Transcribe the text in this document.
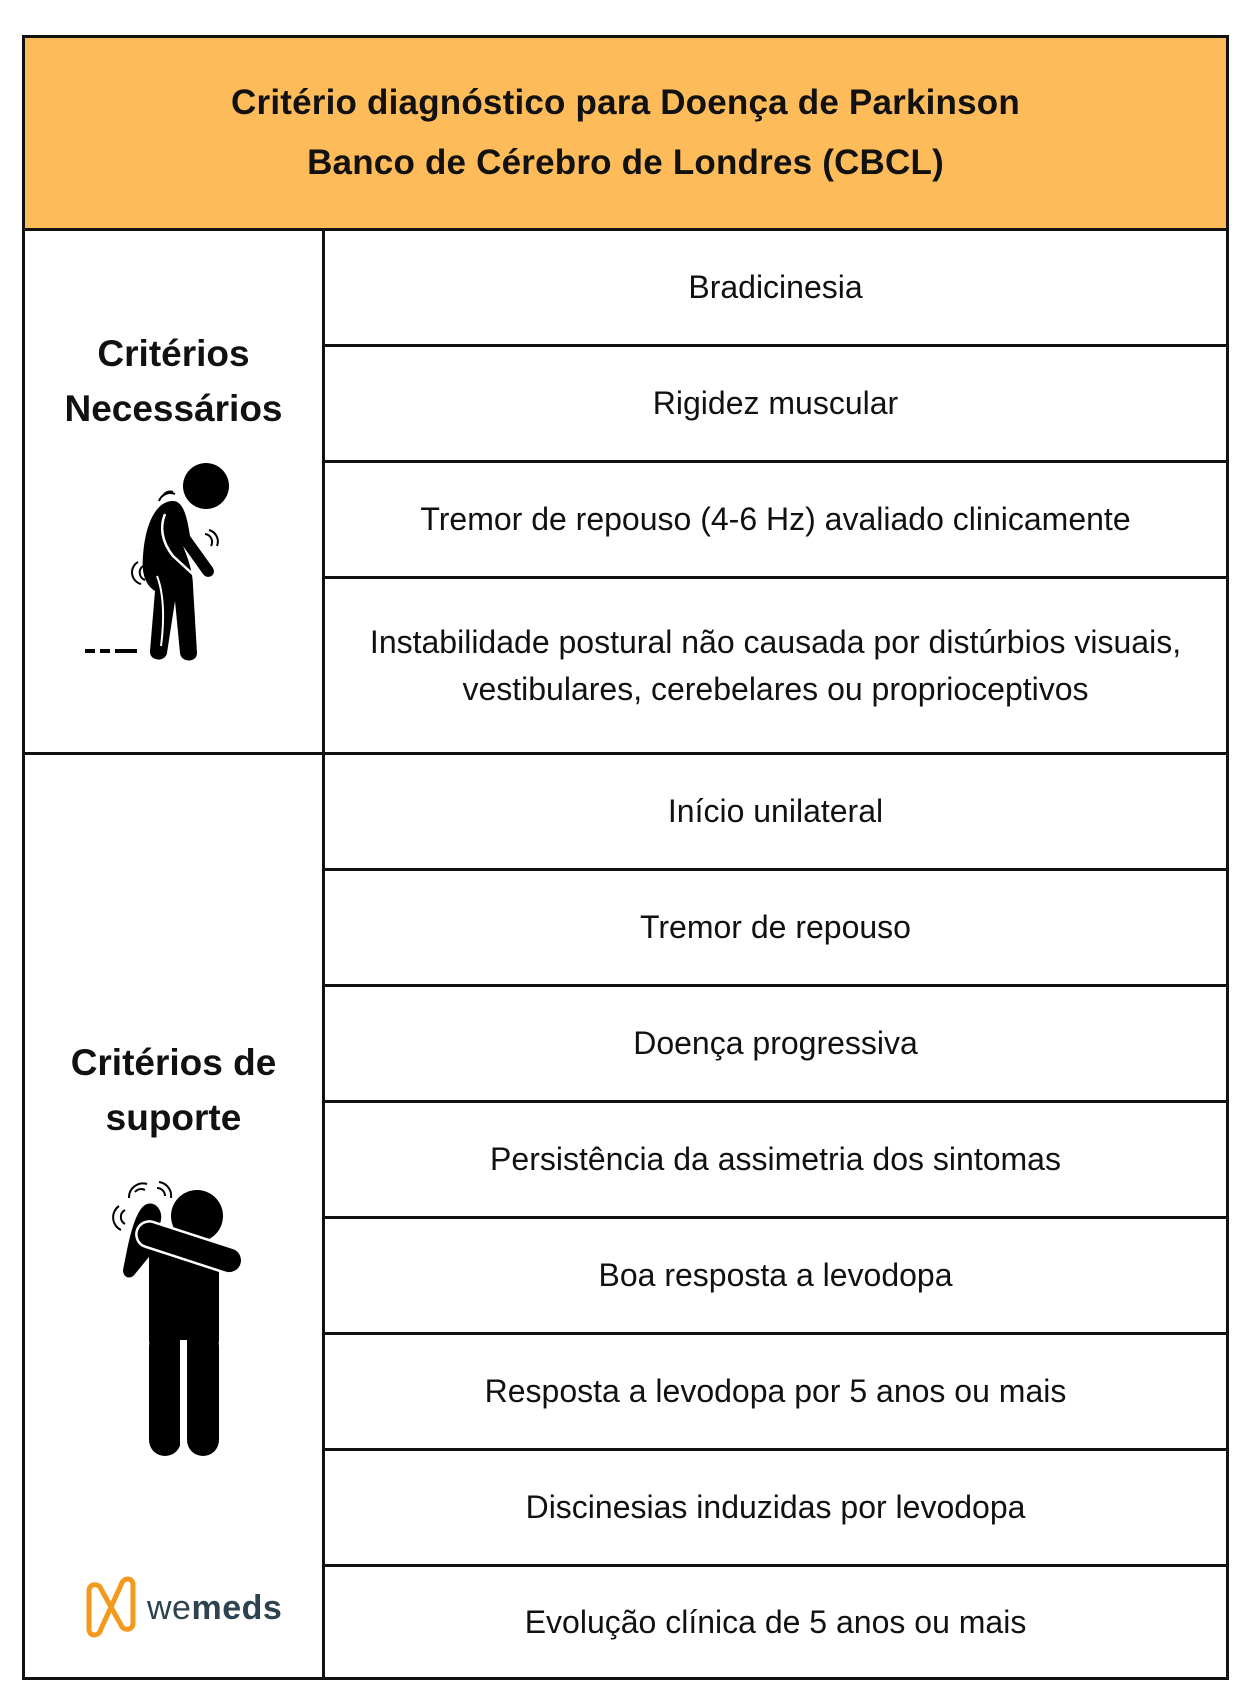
Critério diagnóstico para Doença de Parkinson
Banco de Cérebro de Londres (CBCL)
Critérios
Necessários
Bradicinesia
Rigidez muscular
Tremor de repouso (4-6 Hz) avaliado clinicamente
Instabilidade postural não causada por distúrbios visuais, vestibulares, cerebelares ou proprioceptivos
Critérios de
suporte
wemeds
Início unilateral
Tremor de repouso
Doença progressiva
Persistência da assimetria dos sintomas
Boa resposta a levodopa
Resposta a levodopa por 5 anos ou mais
Discinesias induzidas por levodopa
Evolução clínica de 5 anos ou mais
